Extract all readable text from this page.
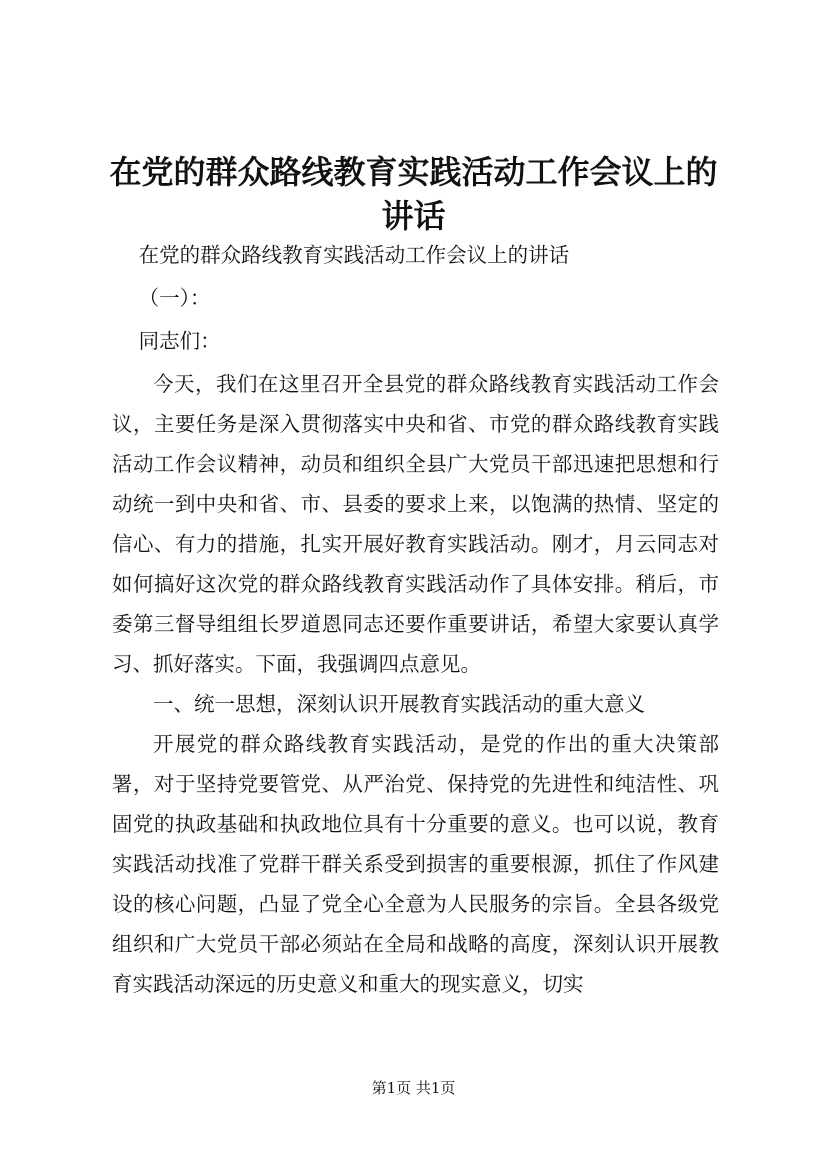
在党的群众路线教育实践活动工作会议上的讲话

在党的群众路线教育实践活动工作会议上的讲话

（一）：

同志们：

今天，我们在这里召开全县党的群众路线教育实践活动工作会议，主要任务是深入贯彻落实中央和省、市党的群众路线教育实践活动工作会议精神，动员和组织全县广大党员干部迅速把思想和行动统一到中央和省、市、县委的要求上来，以饱满的热情、坚定的信心、有力的措施，扎实开展好教育实践活动。刚才，月云同志对如何搞好这次党的群众路线教育实践活动作了具体安排。稍后，市委第三督导组组长罗道恩同志还要作重要讲话，希望大家要认真学习、抓好落实。下面，我强调四点意见。

一、统一思想，深刻认识开展教育实践活动的重大意义

开展党的群众路线教育实践活动，是党的作出的重大决策部署，对于坚持党要管党、从严治党、保持党的先进性和纯洁性、巩固党的执政基础和执政地位具有十分重要的意义。也可以说，教育实践活动找准了党群干群关系受到损害的重要根源，抓住了作风建设的核心问题，凸显了党全心全意为人民服务的宗旨。全县各级党组织和广大党员干部必须站在全局和战略的高度，深刻认识开展教育实践活动深远的历史意义和重大的现实意义，切实

第1页 共1页
